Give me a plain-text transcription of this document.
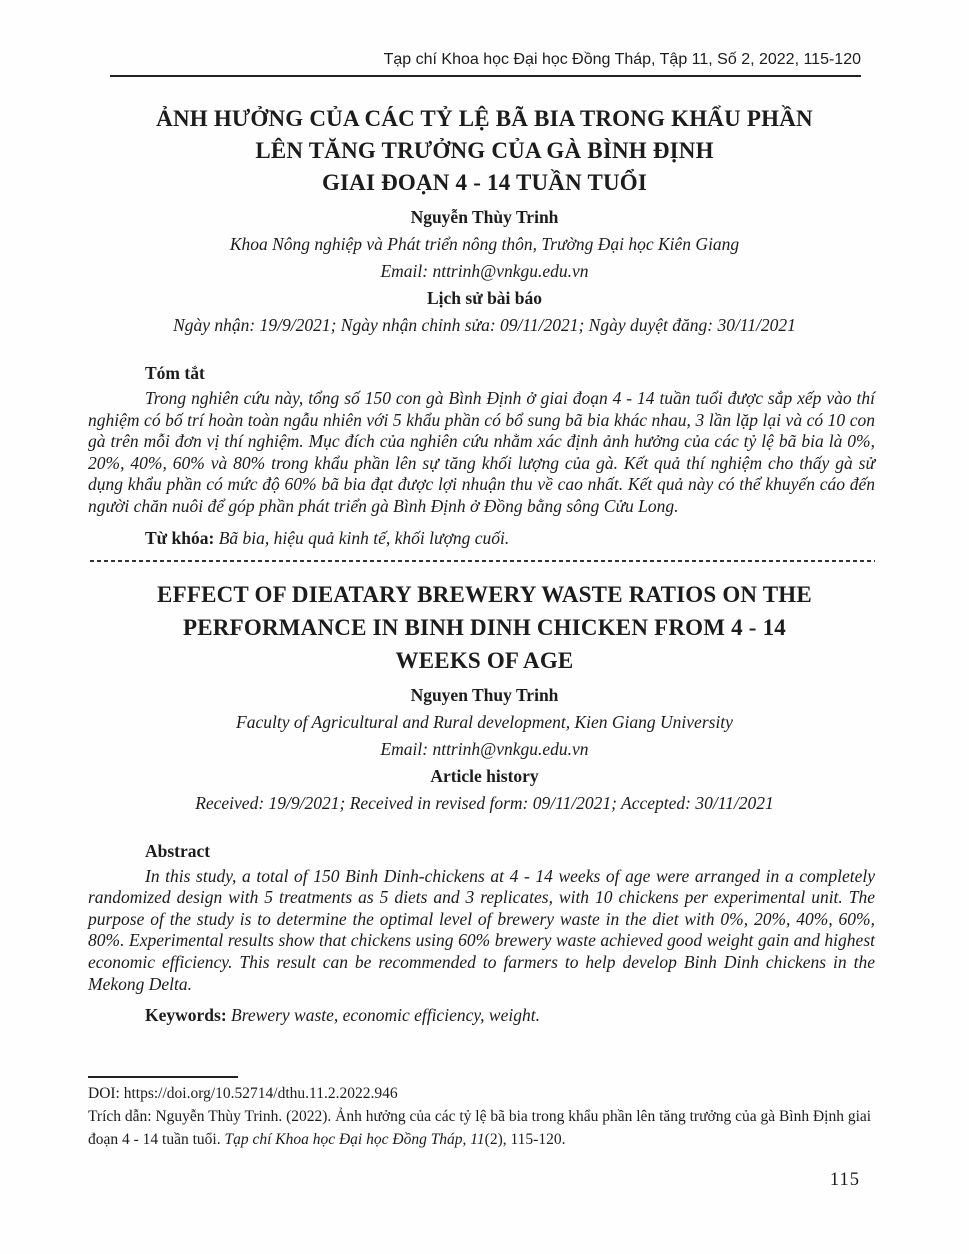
Tạp chí Khoa học Đại học Đồng Tháp, Tập 11, Số 2, 2022, 115-120
ẢNH HƯỞNG CỦA CÁC TỶ LỆ BÃ BIA TRONG KHẨU PHẦN
LÊN TĂNG TRƯỞNG CỦA GÀ BÌNH ĐỊNH
GIAI ĐOẠN 4 - 14 TUẦN TUỔI
Nguyễn Thùy Trinh
Khoa Nông nghiệp và Phát triển nông thôn, Trường Đại học Kiên Giang
Email: nttrinh@vnkgu.edu.vn
Lịch sử bài báo
Ngày nhận: 19/9/2021; Ngày nhận chỉnh sửa: 09/11/2021; Ngày duyệt đăng: 30/11/2021
Tóm tắt

Trong nghiên cứu này, tổng số 150 con gà Bình Định ở giai đoạn 4 - 14 tuần tuổi được sắp xếp vào thí nghiệm có bố trí hoàn toàn ngẫu nhiên với 5 khẩu phần có bổ sung bã bia khác nhau, 3 lần lặp lại và có 10 con gà trên mỗi đơn vị thí nghiệm. Mục đích của nghiên cứu nhằm xác định ảnh hưởng của các tỷ lệ bã bia là 0%, 20%, 40%, 60% và 80% trong khẩu phần lên sự tăng khối lượng của gà. Kết quả thí nghiệm cho thấy gà sử dụng khẩu phần có mức độ 60% bã bia đạt được lợi nhuận thu về cao nhất. Kết quả này có thể khuyến cáo đến người chăn nuôi để góp phần phát triển gà Bình Định ở Đồng bằng sông Cửu Long.

Từ khóa: Bã bia, hiệu quả kinh tế, khối lượng cuối.

EFFECT OF DIEATARY BREWERY WASTE RATIOS ON THE
PERFORMANCE IN BINH DINH CHICKEN FROM 4 - 14
WEEKS OF AGE
Nguyen Thuy Trinh
Faculty of Agricultural and Rural development, Kien Giang University
Email: nttrinh@vnkgu.edu.vn
Article history
Received: 19/9/2021; Received in revised form: 09/11/2021; Accepted: 30/11/2021
Abstract

In this study, a total of 150 Binh Dinh-chickens at 4 - 14 weeks of age were arranged in a completely randomized design with 5 treatments as 5 diets and 3 replicates, with 10 chickens per experimental unit. The purpose of the study is to determine the optimal level of brewery waste in the diet with 0%, 20%, 40%, 60%, 80%. Experimental results show that chickens using 60% brewery waste achieved good weight gain and highest economic efficiency. This result can be recommended to farmers to help develop Binh Dinh chickens in the Mekong Delta.

Keywords: Brewery waste, economic efficiency, weight.

DOI: https://doi.org/10.52714/dthu.11.2.2022.946
Trích dẫn: Nguyễn Thùy Trinh. (2022). Ảnh hưởng của các tỷ lệ bã bia trong khẩu phần lên tăng trưởng của gà Bình Định giai đoạn 4 - 14 tuần tuổi. Tạp chí Khoa học Đại học Đồng Tháp, 11(2), 115-120.
115
